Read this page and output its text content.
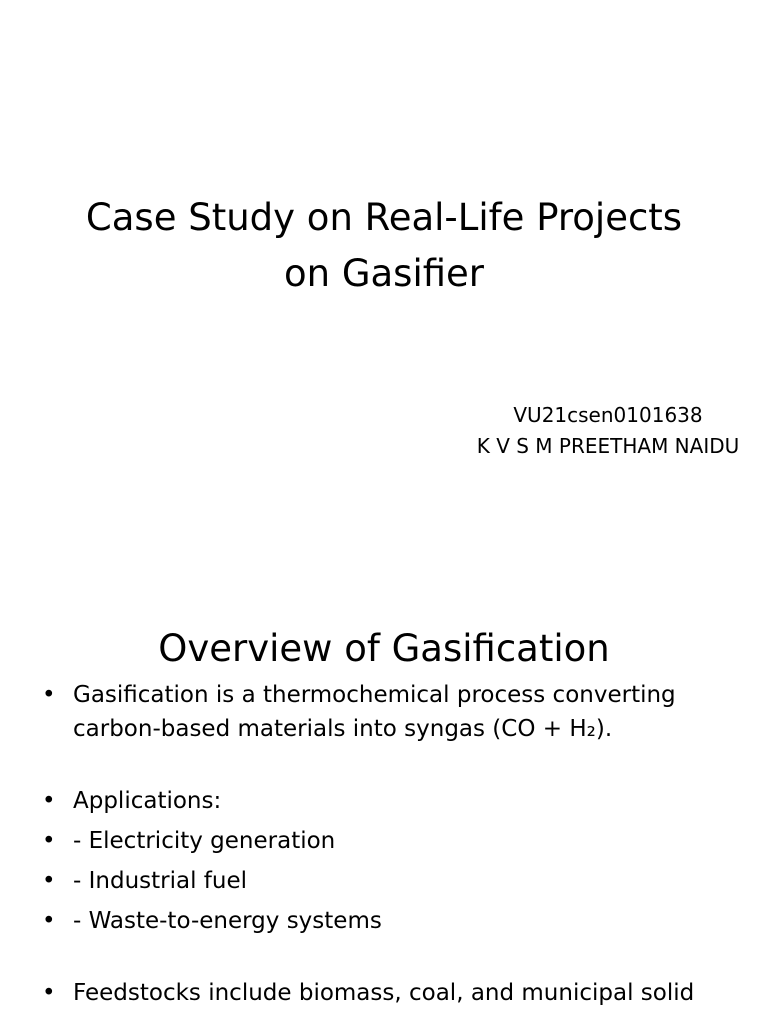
Case Study on Real-Life Projects
on Gasifier
VU21csen0101638
K V S M PREETHAM NAIDU
Overview of Gasification
• Gasification is a thermochemical process converting
carbon-based materials into syngas (CO + H₂).
• Applications:
• - Electricity generation
• - Industrial fuel
• - Waste-to-energy systems
• Feedstocks include biomass, coal, and municipal solid
